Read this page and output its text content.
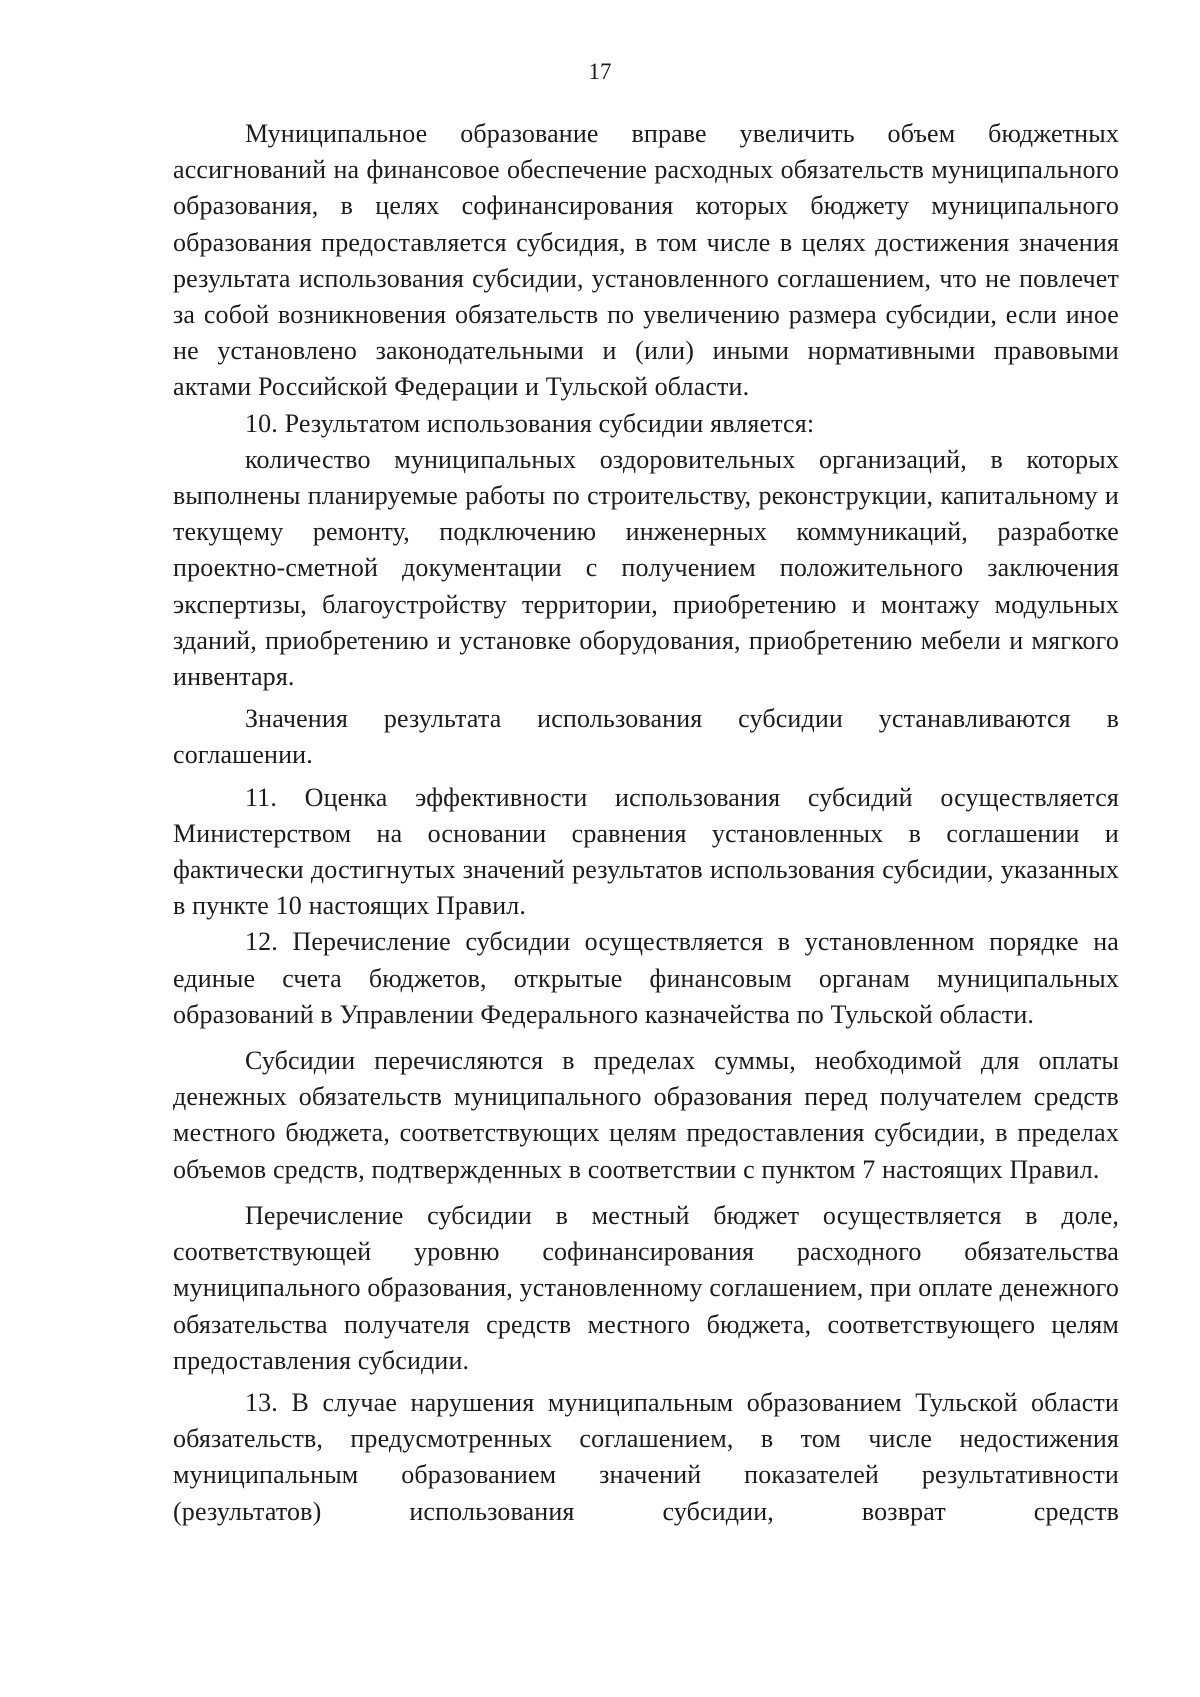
17

Муниципальное образование вправе увеличить объем бюджетных ассигнований на финансовое обеспечение расходных обязательств муниципального образования, в целях софинансирования которых бюджету муниципального образования предоставляется субсидия, в том числе в целях достижения значения результата использования субсидии, установленного соглашением, что не повлечет за собой возникновения обязательств по увеличению размера субсидии, если иное не установлено законодательными и (или) иными нормативными правовыми актами Российской Федерации и Тульской области.

10. Результатом использования субсидии является:

количество муниципальных оздоровительных организаций, в которых выполнены планируемые работы по строительству, реконструкции, капитальному и текущему ремонту, подключению инженерных коммуникаций, разработке проектно-сметной документации с получением положительного заключения экспертизы, благоустройству территории, приобретению и монтажу модульных зданий, приобретению и установке оборудования, приобретению мебели и мягкого инвентаря.

Значения результата использования субсидии устанавливаются в соглашении.

11. Оценка эффективности использования субсидий осуществляется Министерством на основании сравнения установленных в соглашении и фактически достигнутых значений результатов использования субсидии, указанных в пункте 10 настоящих Правил.

12. Перечисление субсидии осуществляется в установленном порядке на единые счета бюджетов, открытые финансовым органам муниципальных образований в Управлении Федерального казначейства по Тульской области.

Субсидии перечисляются в пределах суммы, необходимой для оплаты денежных обязательств муниципального образования перед получателем средств местного бюджета, соответствующих целям предоставления субсидии, в пределах объемов средств, подтвержденных в соответствии с пунктом 7 настоящих Правил.

Перечисление субсидии в местный бюджет осуществляется в доле, соответствующей уровню софинансирования расходного обязательства муниципального образования, установленному соглашением, при оплате денежного обязательства получателя средств местного бюджета, соответствующего целям предоставления субсидии.

13. В случае нарушения муниципальным образованием Тульской области обязательств, предусмотренных соглашением, в том числе недостижения муниципальным образованием значений показателей результативности (результатов) использования субсидии, возврат средств
